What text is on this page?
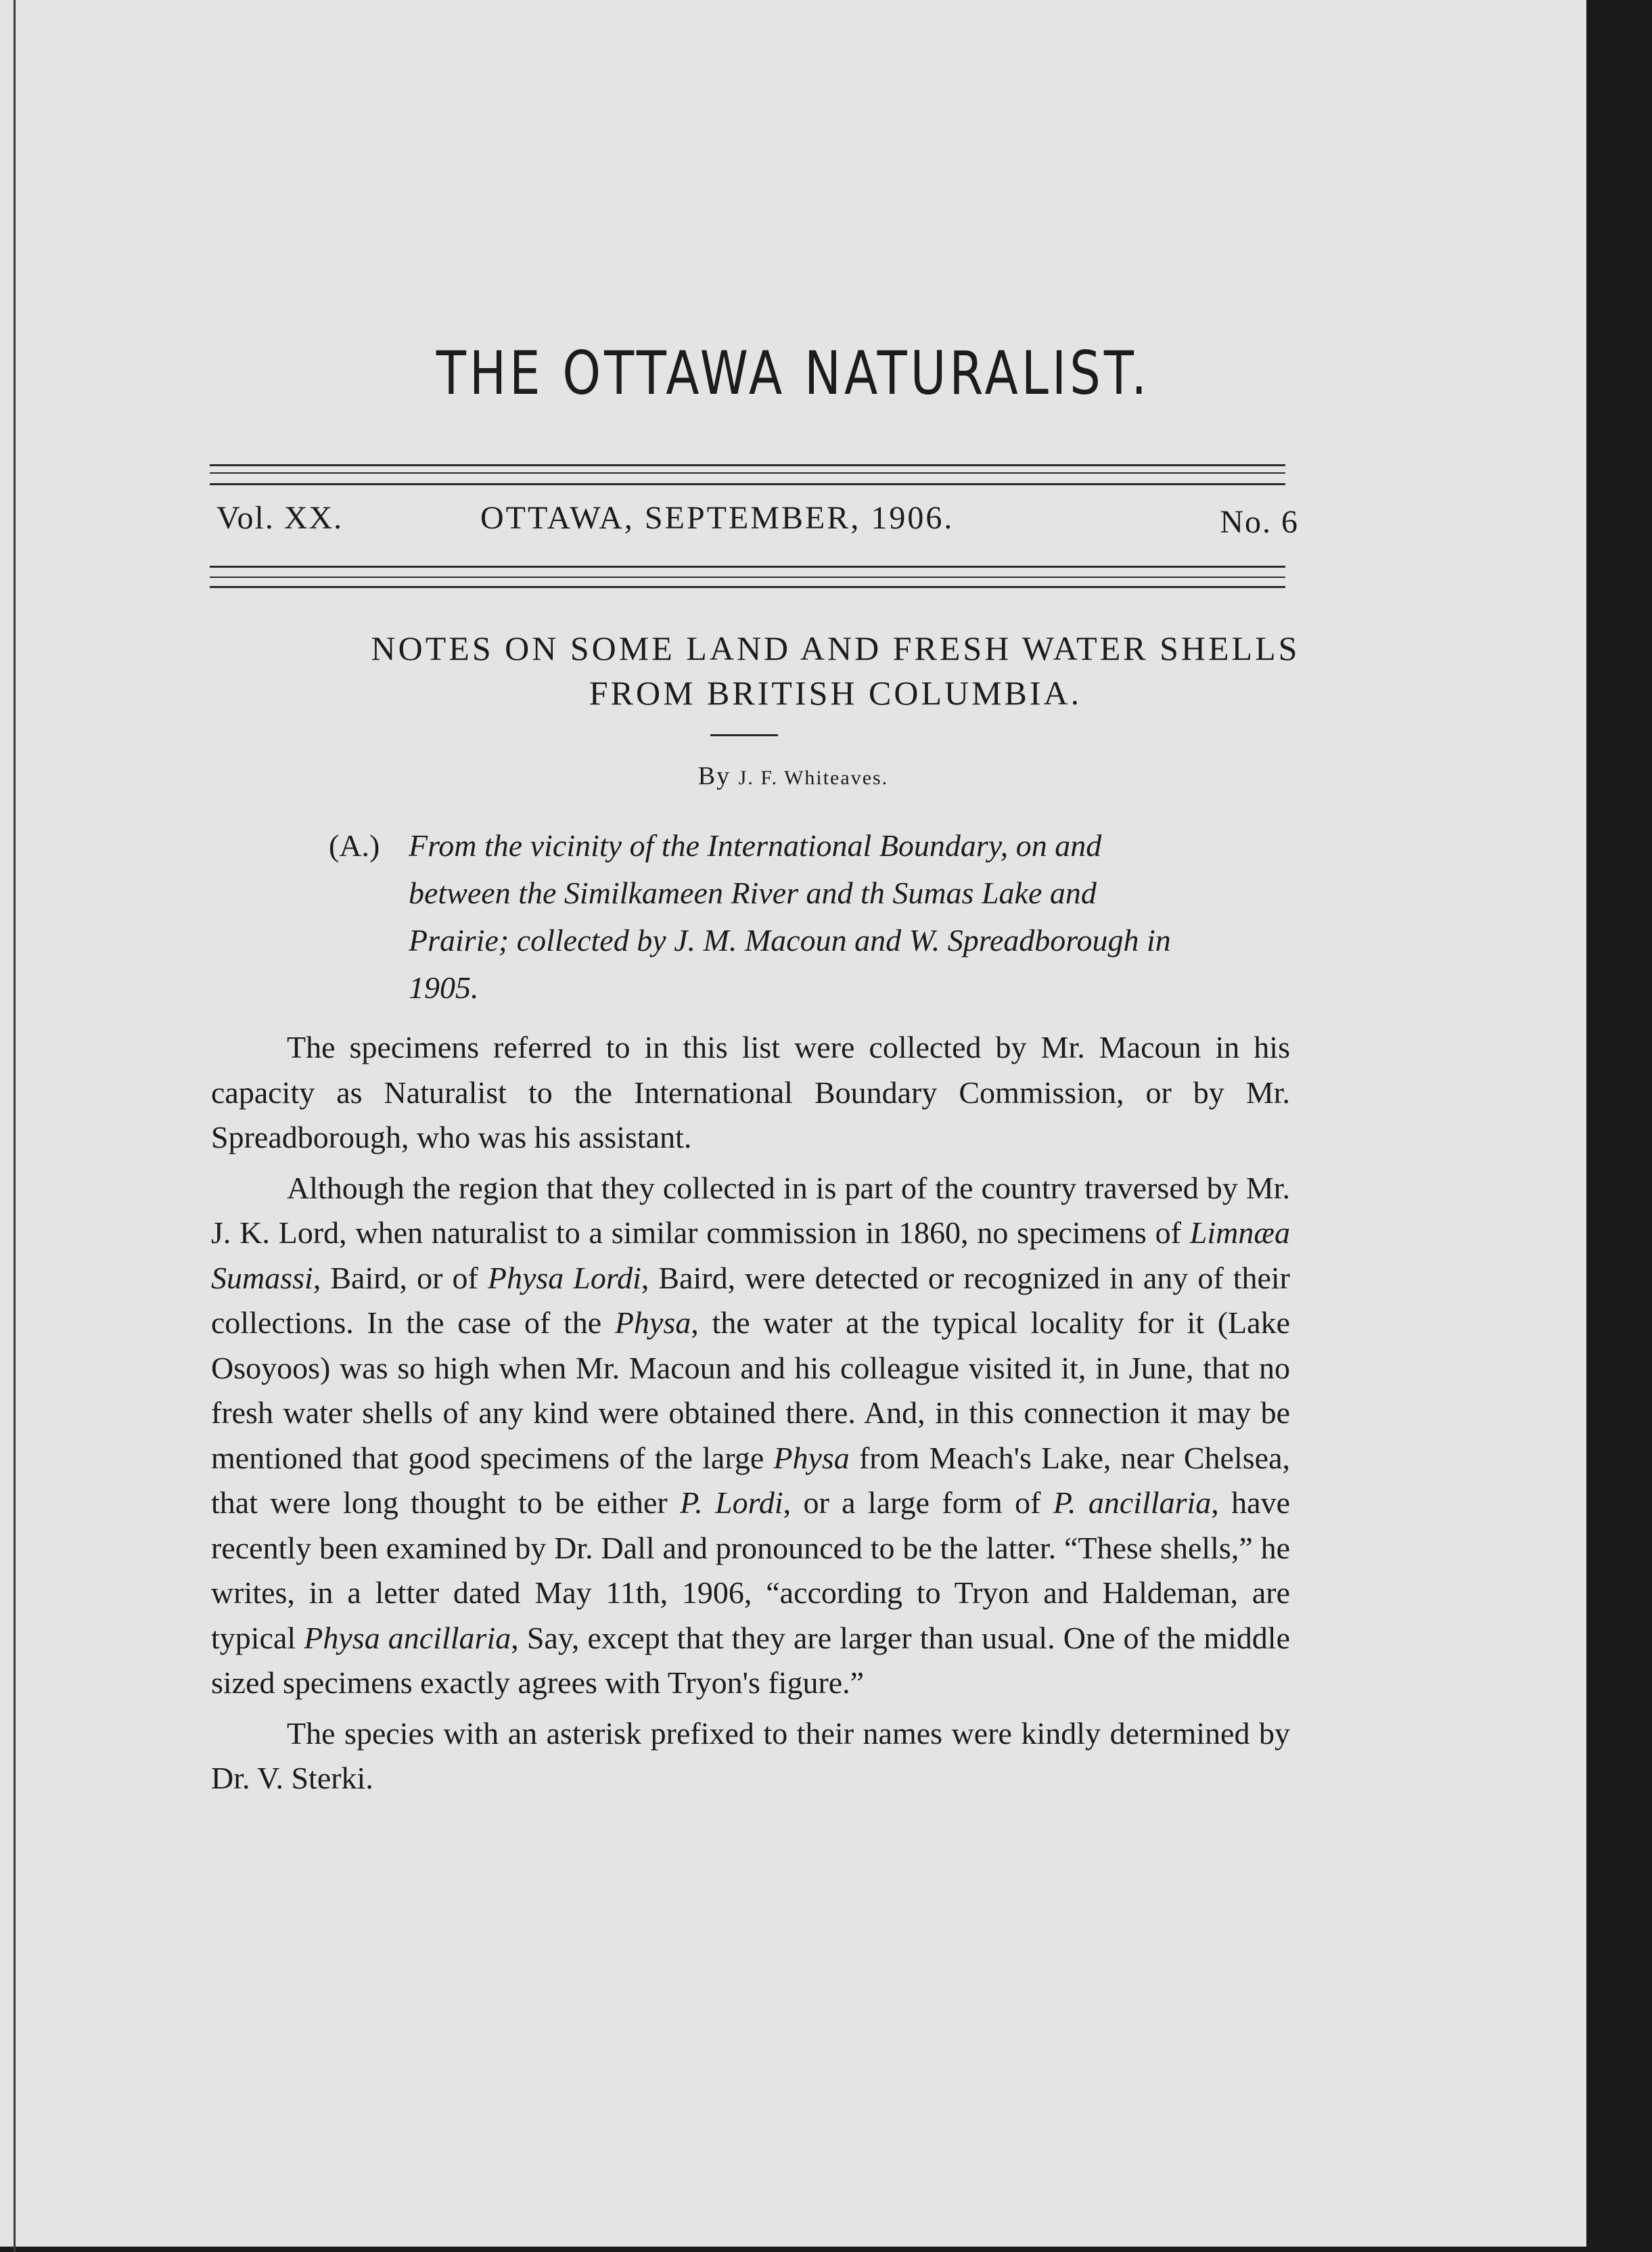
THE OTTAWA NATURALIST.
Vol. XX.	OTTAWA, SEPTEMBER, 1906.	No. 6
NOTES ON SOME LAND AND FRESH WATER SHELLS
FROM BRITISH COLUMBIA.
By J. F. Whiteaves.
(A.) From the vicinity of the International Boundary, on and between the Similkameen River and th Sumas Lake and Prairie; collected by J. M. Macoun and W. Spreadborough in 1905.

The specimens referred to in this list were collected by Mr. Macoun in his capacity as Naturalist to the International Boundary Commission, or by Mr. Spreadborough, who was his assistant.

Although the region that they collected in is part of the country traversed by Mr. J. K. Lord, when naturalist to a similar commission in 1860, no specimens of Limnæa Sumassi, Baird, or of Physa Lordi, Baird, were detected or recognized in any of their collections. In the case of the Physa, the water at the typical locality for it (Lake Osoyoos) was so high when Mr. Macoun and his colleague visited it, in June, that no fresh water shells of any kind were obtained there. And, in this connection it may be mentioned that good specimens of the large Physa from Meach's Lake, near Chelsea, that were long thought to be either P. Lordi, or a large form of P. ancillaria, have recently been examined by Dr. Dall and pronounced to be the latter. “These shells,” he writes, in a letter dated May 11th, 1906, “according to Tryon and Haldeman, are typical Physa ancillaria, Say, except that they are larger than usual. One of the middle sized specimens exactly agrees with Tryon's figure.”

The species with an asterisk prefixed to their names were kindly determined by Dr. V. Sterki.
